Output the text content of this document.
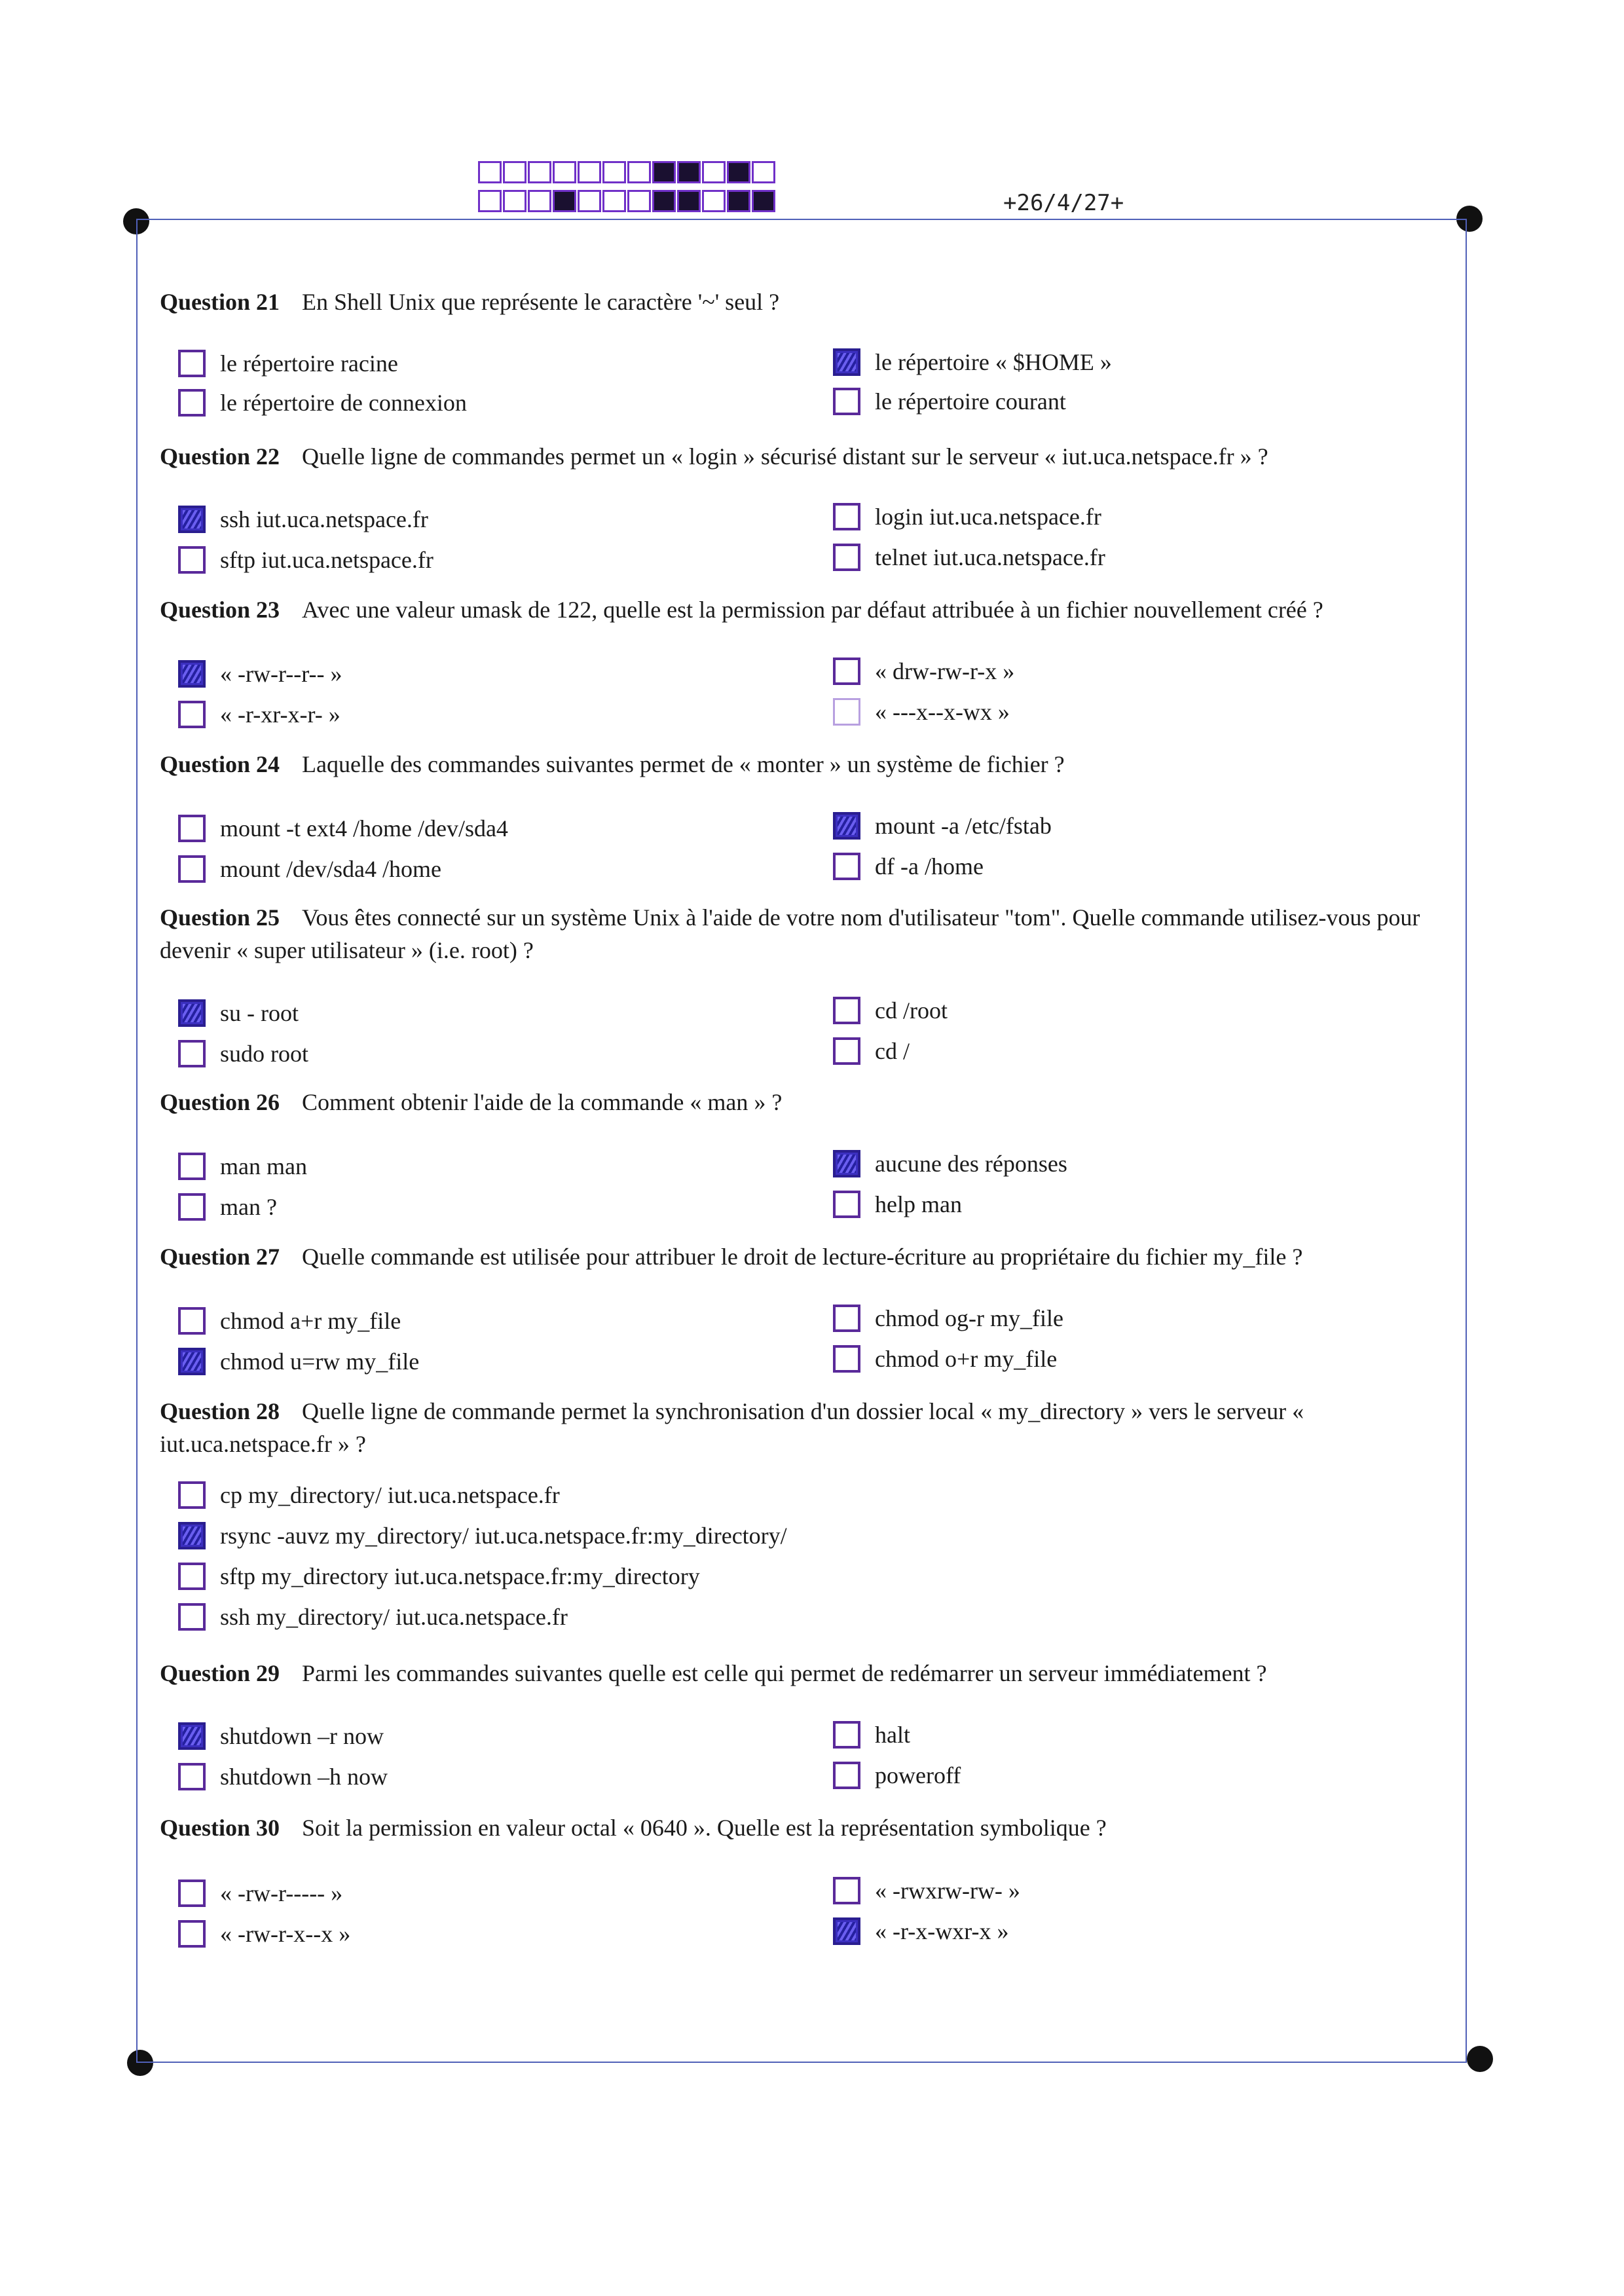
+26/4/27+
Question 21 En Shell Unix que représente le caractère '~' seul ?
le répertoire racine
le répertoire de connexion
le répertoire « $HOME »
le répertoire courant
Question 22 Quelle ligne de commandes permet un « login » sécurisé distant sur le serveur « iut.uca.netspace.fr » ?
ssh iut.uca.netspace.fr
sftp iut.uca.netspace.fr
login iut.uca.netspace.fr
telnet iut.uca.netspace.fr
Question 23 Avec une valeur umask de 122, quelle est la permission par défaut attribuée à un fichier nouvellement créé ?
« -rw-r--r-- »
« -r-xr-x-r- »
« drw-rw-r-x »
« ---x--x-wx »
Question 24 Laquelle des commandes suivantes permet de « monter » un système de fichier ?
mount -t ext4 /home /dev/sda4
mount /dev/sda4 /home
mount -a /etc/fstab
df -a /home
Question 25 Vous êtes connecté sur un système Unix à l'aide de votre nom d'utilisateur "tom". Quelle commande utilisez-vous pour devenir « super utilisateur » (i.e. root) ?
su - root
sudo root
cd /root
cd /
Question 26 Comment obtenir l'aide de la commande « man » ?
man man
man ?
aucune des réponses
help man
Question 27 Quelle commande est utilisée pour attribuer le droit de lecture-écriture au propriétaire du fichier my_file ?
chmod a+r my_file
chmod u=rw my_file
chmod og-r my_file
chmod o+r my_file
Question 28 Quelle ligne de commande permet la synchronisation d'un dossier local « my_directory » vers le serveur « iut.uca.netspace.fr » ?
cp my_directory/ iut.uca.netspace.fr
rsync -auvz my_directory/ iut.uca.netspace.fr:my_directory/
sftp my_directory iut.uca.netspace.fr:my_directory
ssh my_directory/ iut.uca.netspace.fr
Question 29 Parmi les commandes suivantes quelle est celle qui permet de redémarrer un serveur immédiatement ?
shutdown –r now
shutdown –h now
halt
poweroff
Question 30 Soit la permission en valeur octal « 0640 ». Quelle est la représentation symbolique ?
« -rw-r----- »
« -rw-r-x--x »
« -rwxrw-rw- »
« -r-x-wxr-x »
